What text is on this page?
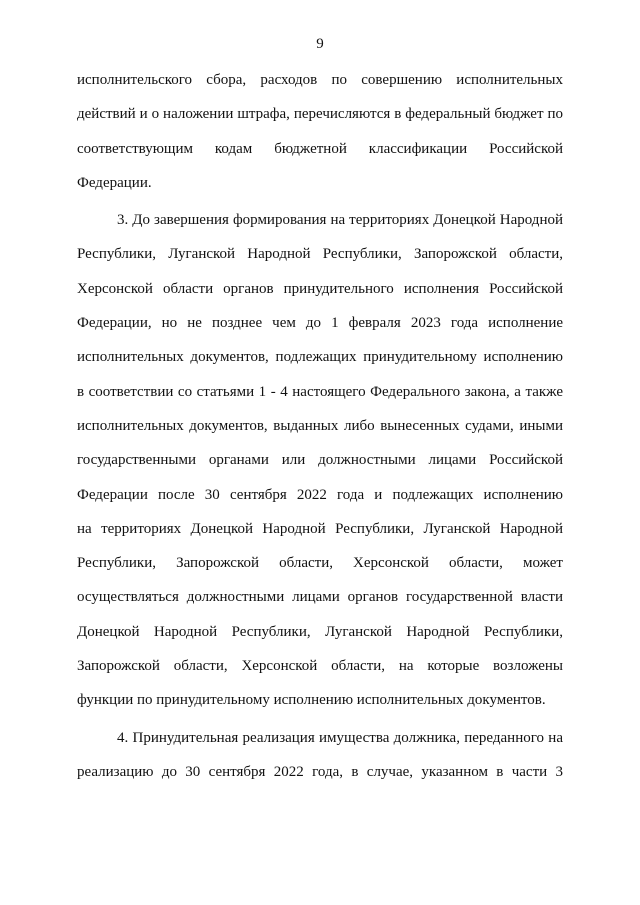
9
исполнительского сбора, расходов по совершению исполнительных
действий и о наложении штрафа, перечисляются в федеральный бюджет по
соответствующим кодам бюджетной классификации Российской
Федерации.
3. До завершения формирования на территориях Донецкой Народной
Республики, Луганской Народной Республики, Запорожской области,
Херсонской области органов принудительного исполнения Российской
Федерации, но не позднее чем до 1 февраля 2023 года исполнение
исполнительных документов, подлежащих принудительному исполнению
в соответствии со статьями 1 - 4 настоящего Федерального закона, а также
исполнительных документов, выданных либо вынесенных судами, иными
государственными органами или должностными лицами Российской
Федерации после 30 сентября 2022 года и подлежащих исполнению
на территориях Донецкой Народной Республики, Луганской Народной
Республики, Запорожской области, Херсонской области, может
осуществляться должностными лицами органов государственной власти
Донецкой Народной Республики, Луганской Народной Республики,
Запорожской области, Херсонской области, на которые возложены
функции по принудительному исполнению исполнительных документов.
4. Принудительная реализация имущества должника, переданного на
реализацию до 30 сентября 2022 года, в случае, указанном в части 3
